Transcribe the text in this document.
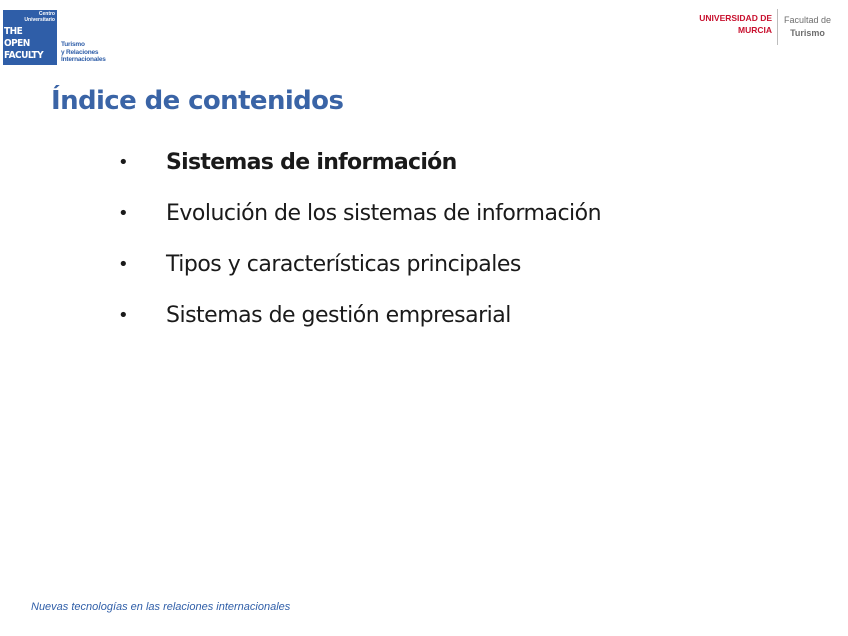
Centro
Universitario
THE
OPEN
FACULTY
Turismo
y Relaciones
Internacionales
UNIVERSIDAD DE
MURCIA
Facultad de
Turismo
Índice de contenidos
• Sistemas de información
• Evolución de los sistemas de información
• Tipos y características principales
• Sistemas de gestión empresarial
Nuevas tecnologías en las relaciones internacionales
